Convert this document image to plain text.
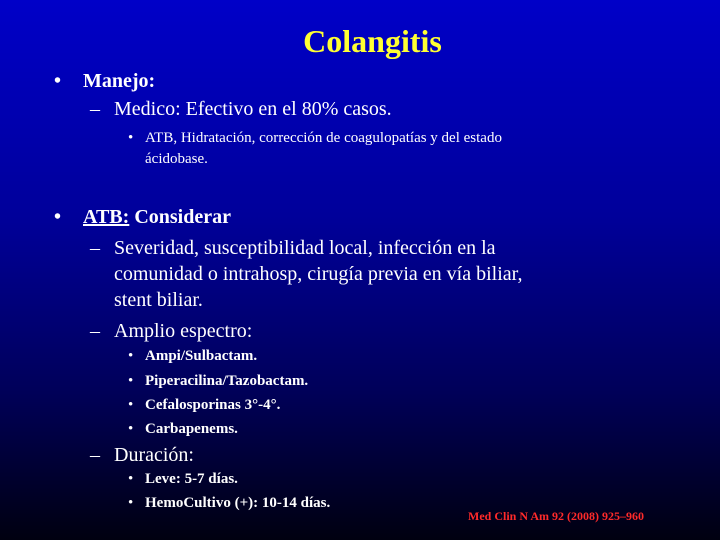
Colangitis
• Manejo:
– Medico: Efectivo en el 80% casos.
• ATB, Hidratación, corrección de coagulopatías y del estado
ácidobase.
• ATB: Considerar
– Severidad, susceptibilidad local, infección en la
comunidad o intrahosp, cirugía previa en vía biliar,
stent biliar.
– Amplio espectro:
• Ampi/Sulbactam.
• Piperacilina/Tazobactam.
• Cefalosporinas 3°-4°.
• Carbapenems.
– Duración:
• Leve: 5-7 días.
• HemoCultivo (+): 10-14 días.
Med Clin N Am 92 (2008) 925–960
